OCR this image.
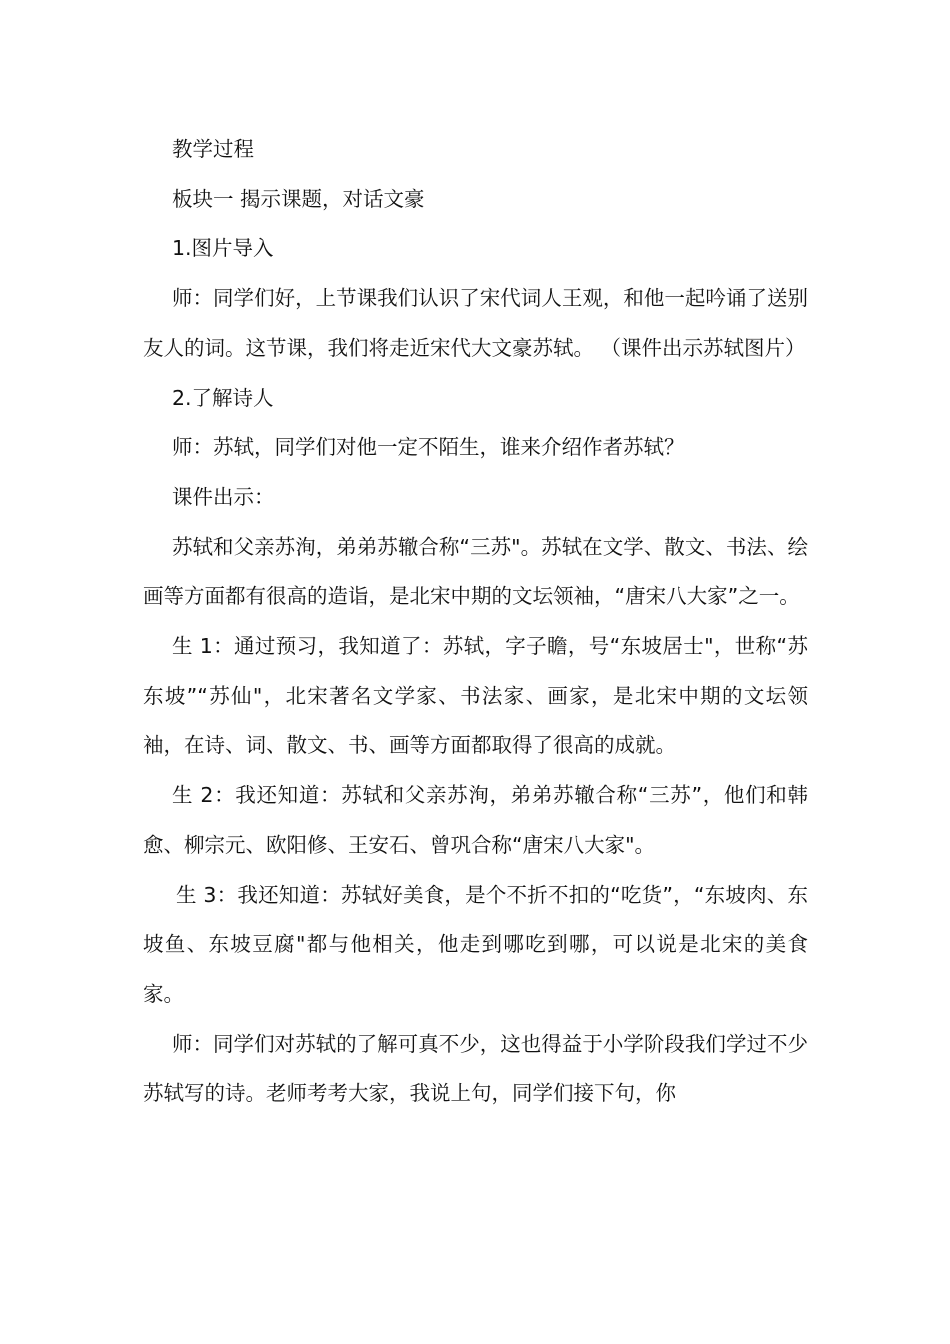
教学过程

板块一 揭示课题，对话文豪

1.图片导入

师：同学们好，上节课我们认识了宋代词人王观，和他一起吟诵了送别友人的词。这节课，我们将走近宋代大文豪苏轼。 （课件出示苏轼图片）

2.了解诗人

师：苏轼，同学们对他一定不陌生，谁来介绍作者苏轼？

课件出示：

苏轼和父亲苏洵，弟弟苏辙合称“三苏"。苏轼在文学、散文、书法、绘画等方面都有很高的造诣，是北宋中期的文坛领袖，“唐宋八大家”之一。

生 1：通过预习，我知道了：苏轼，字子瞻，号“东坡居士"，世称“苏东坡”“苏仙"，北宋著名文学家、书法家、画家，是北宋中期的文坛领袖，在诗、词、散文、书、画等方面都取得了很高的成就。

生 2：我还知道：苏轼和父亲苏洵，弟弟苏辙合称“三苏”，他们和韩愈、柳宗元、欧阳修、王安石、曾巩合称“唐宋八大家"。

生 3：我还知道：苏轼好美食，是个不折不扣的“吃货”，“东坡肉、东坡鱼、东坡豆腐"都与他相关，他走到哪吃到哪，可以说是北宋的美食家。

师：同学们对苏轼的了解可真不少，这也得益于小学阶段我们学过不少苏轼写的诗。老师考考大家，我说上句，同学们接下句，你
